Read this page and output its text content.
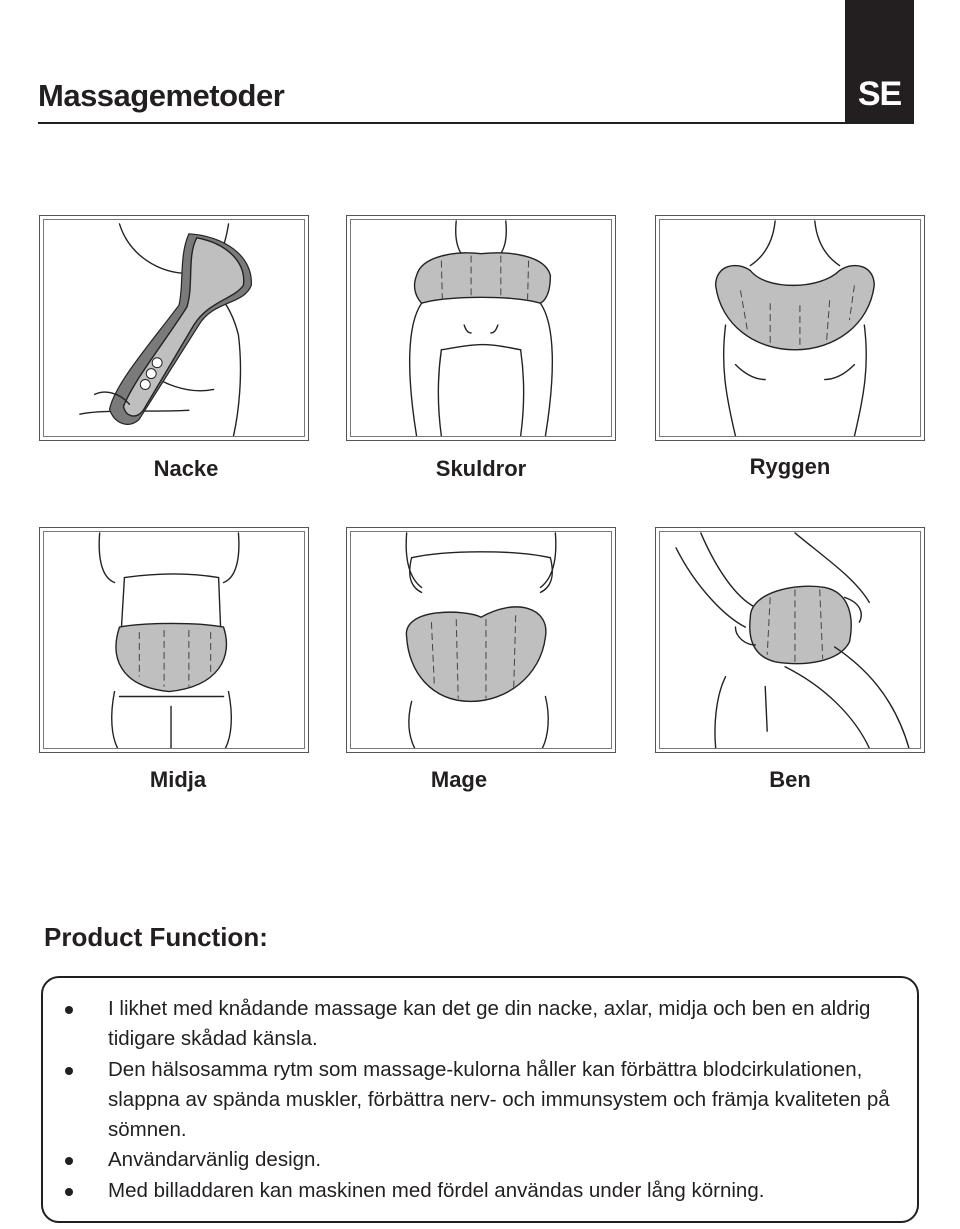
SE
Massagemetoder
Nacke	Skuldror	Ryggen
Midja	Mage	Ben
Product Function:
I likhet med knådande massage kan det ge din nacke, axlar, midja och ben en aldrig tidigare skådad känsla.
Den hälsosamma rytm som massage-kulorna håller kan förbättra blodcirkulationen, slappna av spända muskler, förbättra nerv- och immunsystem och främja kvaliteten på sömnen.
Användarvänlig design.
Med billaddaren kan maskinen med fördel användas under lång körning.
